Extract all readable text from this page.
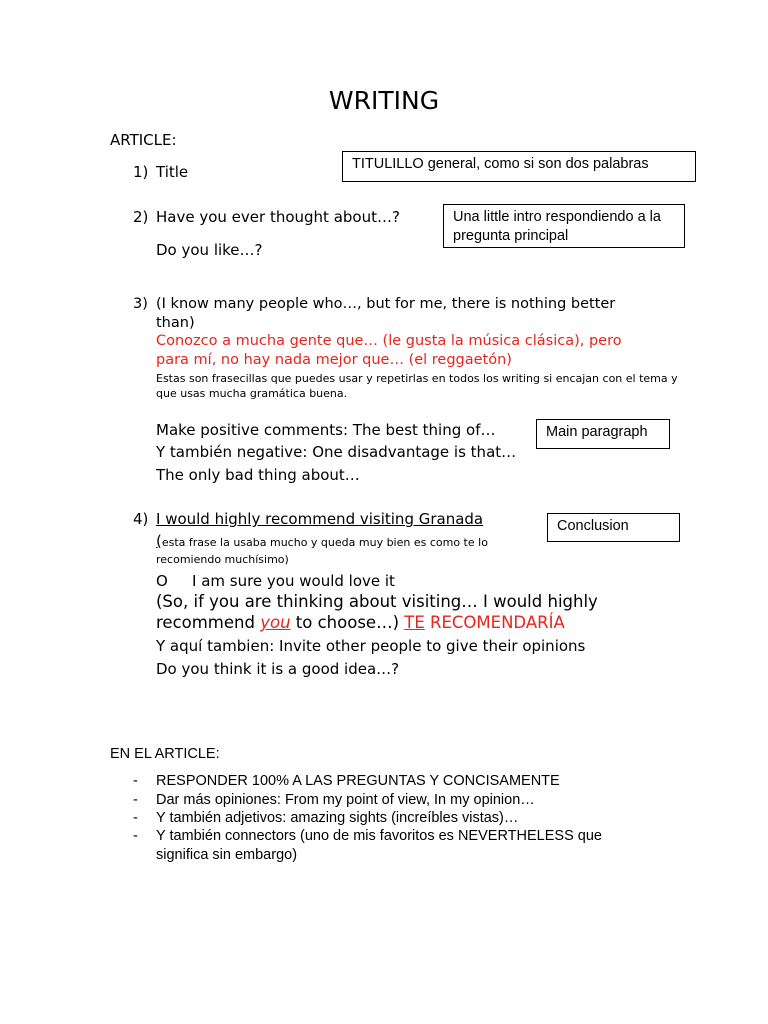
WRITING
ARTICLE:
1) Title	TITULILLO general, como si son dos palabras
2) Have you ever thought about…?
Do you like…?
Una little intro respondiendo a la
pregunta principal
3) (I know many people who…, but for me, there is nothing better
than)
Conozco a mucha gente que… (le gusta la música clásica), pero
para mí, no hay nada mejor que… (el reggaetón)
Estas son frasecillas que puedes usar y repetirlas en todos los writing si encajan con el tema y
que usas mucha gramática buena.
Make positive comments: The best thing of…
Y también negative: One disadvantage is that…
The only bad thing about…
Main paragraph
4) I would highly recommend visiting Granada
(esta frase la usaba mucho y queda muy bien es como te lo
recomiendo muchísimo)
O I am sure you would love it
(So, if you are thinking about visiting… I would highly
recommend you to choose…) TE RECOMENDARÍA
Y aquí tambien: Invite other people to give their opinions
Do you think it is a good idea…?
Conclusion
EN EL ARTICLE:
- RESPONDER 100% A LAS PREGUNTAS Y CONCISAMENTE
- Dar más opiniones: From my point of view, In my opinion…
- Y también adjetivos: amazing sights (increíbles vistas)…
- Y también connectors (uno de mis favoritos es NEVERTHELESS que
significa sin embargo)
